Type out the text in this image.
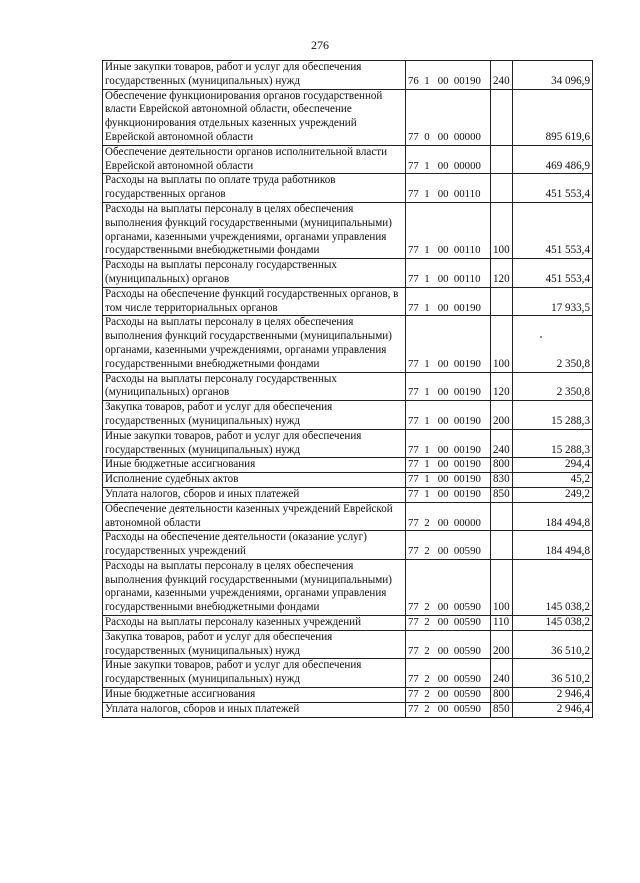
276
Иные закупки товаров, работ и услуг для обеспечения государственных (муниципальных) нужд	76  1   00  00190	240	34 096,9
Обеспечение функционирования органов государственной власти Еврейской автономной области, обеспечение функционирования отдельных казенных учреждений Еврейской автономной области	77  0   00  00000		895 619,6
Обеспечение деятельности органов исполнительной власти Еврейской автономной области	77  1   00  00000		469 486,9
Расходы на выплаты по оплате труда работников государственных органов	77  1   00  00110		451 553,4
Расходы на выплаты персоналу в целях обеспечения выполнения функций государственными (муниципальными) органами, казенными учреждениями, органами управления государственными внебюджетными фондами	77  1   00  00110	100	451 553,4
Расходы на выплаты персоналу государственных (муниципальных) органов	77  1   00  00110	120	451 553,4
Расходы на обеспечение функций государственных органов, в том числе территориальных органов	77  1   00  00190		17 933,5
Расходы на выплаты персоналу в целях обеспечения выполнения функций государственными (муниципальными) органами, казенными учреждениями, органами управления государственными внебюджетными фондами	77  1   00  00190	100	2 350,8
Расходы на выплаты персоналу государственных (муниципальных) органов	77  1   00  00190	120	2 350,8
Закупка товаров, работ и услуг для обеспечения государственных (муниципальных) нужд	77  1   00  00190	200	15 288,3
Иные закупки товаров, работ и услуг для обеспечения государственных (муниципальных) нужд	77  1   00  00190	240	15 288,3
Иные бюджетные ассигнования	77  1   00  00190	800	294,4
Исполнение судебных актов	77  1   00  00190	830	45,2
Уплата налогов, сборов и иных платежей	77  1   00  00190	850	249,2
Обеспечение деятельности казенных учреждений Еврейской автономной области	77  2   00  00000		184 494,8
Расходы на обеспечение деятельности (оказание услуг) государственных учреждений	77  2   00  00590		184 494,8
Расходы на выплаты персоналу в целях обеспечения выполнения функций государственными (муниципальными) органами, казенными учреждениями, органами управления государственными внебюджетными фондами	77  2   00  00590	100	145 038,2
Расходы на выплаты персоналу казенных учреждений	77  2   00  00590	110	145 038,2
Закупка товаров, работ и услуг для обеспечения государственных (муниципальных) нужд	77  2   00  00590	200	36 510,2
Иные закупки товаров, работ и услуг для обеспечения государственных (муниципальных) нужд	77  2   00  00590	240	36 510,2
Иные бюджетные ассигнования	77  2   00  00590	800	2 946,4
Уплата налогов, сборов и иных платежей	77  2   00  00590	850	2 946,4
